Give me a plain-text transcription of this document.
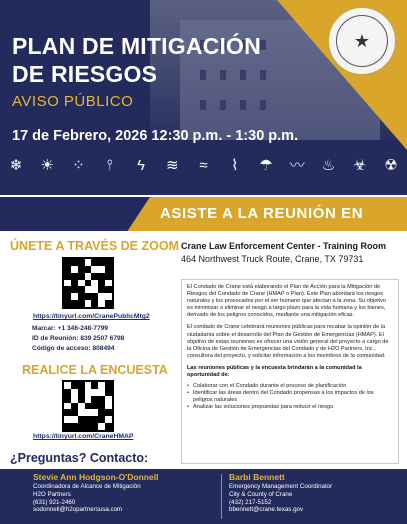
★
PLAN DE MITIGACIÓN
DE RIESGOS
AVISO PÚBLICO
17 de Febrero, 2026 12:30 p.m. - 1:30 p.m.
❄ ☀ ⁘	⫯	ϟ	≋	≈	⌇	☂ 〰 ♨ ☣ ☢
ASISTE A LA REUNIÓN EN
ÚNETE A TRAVÉS DE ZOOM
https://tinyurl.com/CranePublicMtg2
Marcar: +1 346-248-7799
ID de Reunión: 839 2507 6798
Código de acceso: 808494
REALICE LA ENCUESTA
https://tinyurl.com/CraneHMAP
¿Preguntas? Contacto:
Crane Law Enforcement Center - Training Room
464 Northwest Truck Route, Crane, TX 79731

El Condado de Crane está elaborando el Plan de Acción para la Mitigación de Riesgos del Condado de Crane (HMAP o Plan). Este Plan abordará los riesgos naturales y los provocados por el ser humano que afectan a la zona. Su objetivo es minimizar o eliminar el riesgo a largo plazo para la vida humana y los bienes, derivado de los peligros conocidos, mediante una mitigación eficaz.

El condado de Crane celebrará reuniones públicas para recabar la opinión de la ciudadanía sobre el desarrollo del Plan de Gestión de Emergencias (HMAP). El objetivo de estas reuniones es ofrecer una visión general del proyecto a cargo de la Oficina de Gestión de Emergencias del Condado y de H2O Partners, Inc., consultora del proyecto, y solicitar información a los miembros de la comunidad.

Las reuniones públicas y la encuesta brindarán a la comunidad la oportunidad de:

• Colaborar con el Condado durante el proceso de planificación
• Identificar las áreas dentro del Condado propensas a los impactos de los peligros naturales
• Analizar las soluciones propuestas para reducir el riesgo.
Stevie Ann Hodgson-O'Donnell
Coordinadora de Alcance de Mitigación
H2O Partners
(631) 921-2460
sodonnell@h2opartnersusa.com
Barbi Bennett
Emergency Management Coordinator
City & County of Crane
(432) 217-5152
bbennett@crane.texas.gov
